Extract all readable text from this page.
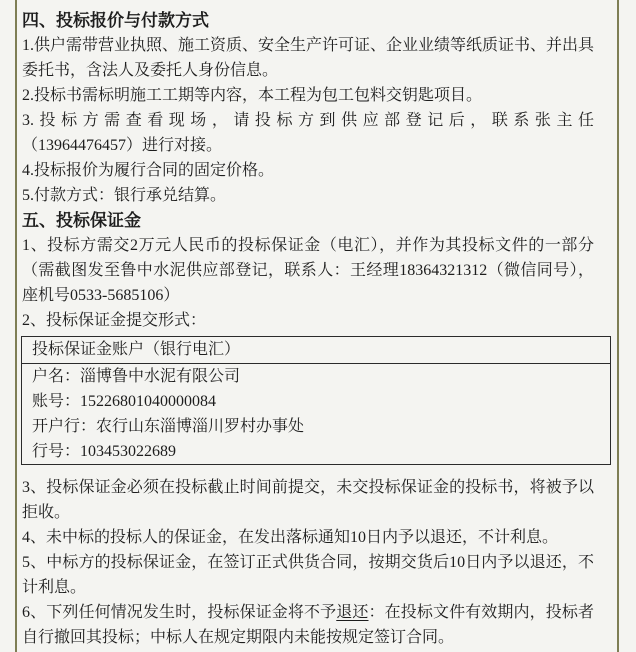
四、投标报价与付款方式
1.供户需带营业执照、施工资质、安全生产许可证、企业业绩等纸质证书、并出具委托书，含法人及委托人身份信息。
2.投标书需标明施工工期等内容，本工程为包工包料交钥匙项目。
3.投标方需查看现场，请投标方到供应部登记后，联系张主任
（13964476457）进行对接。
4.投标报价为履行合同的固定价格。
5.付款方式：银行承兑结算。
五、投标保证金
1、投标方需交2万元人民币的投标保证金（电汇），并作为其投标文件的一部分（需截图发至鲁中水泥供应部登记，联系人：王经理18364321312（微信同号），座机号0533-5685106）
2、投标保证金提交形式：
投标保证金账户（银行电汇）

户名：淄博鲁中水泥有限公司
账号：15226801040000084
开户行：农行山东淄博淄川罗村办事处
行号：103453022689
3、投标保证金必须在投标截止时间前提交，未交投标保证金的投标书，将被予以拒收。
4、未中标的投标人的保证金，在发出落标通知10日内予以退还，不计利息。
5、中标方的投标保证金，在签订正式供货合同，按期交货后10日内予以退还，不计利息。
6、下列任何情况发生时，投标保证金将不予退还：在投标文件有效期内，投标者自行撤回其投标；中标人在规定期限内未能按规定签订合同。
